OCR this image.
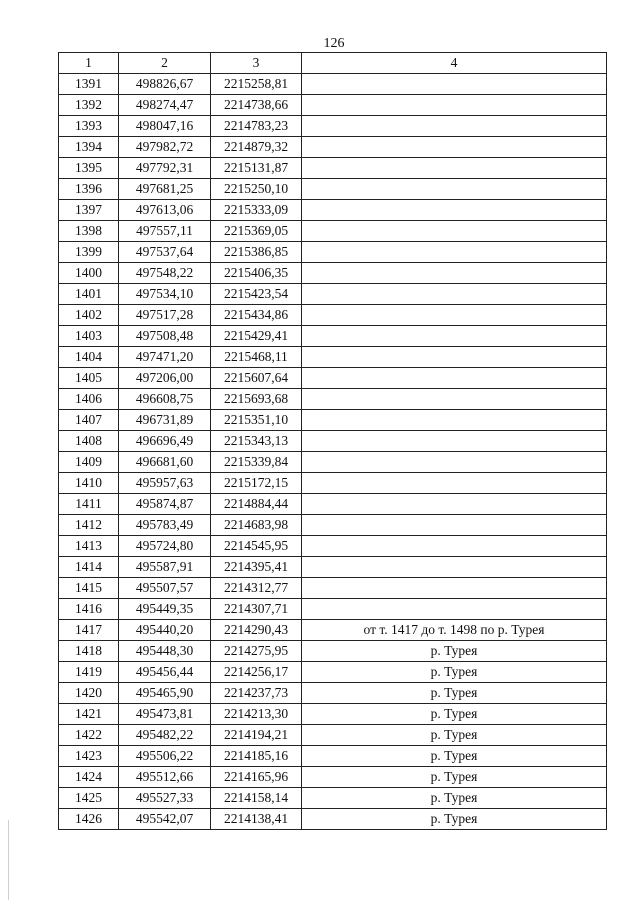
126
1	2	3	4
1391	498826,67	2215258,81	
1392	498274,47	2214738,66	
1393	498047,16	2214783,23	
1394	497982,72	2214879,32	
1395	497792,31	2215131,87	
1396	497681,25	2215250,10	
1397	497613,06	2215333,09	
1398	497557,11	2215369,05	
1399	497537,64	2215386,85	
1400	497548,22	2215406,35	
1401	497534,10	2215423,54	
1402	497517,28	2215434,86	
1403	497508,48	2215429,41	
1404	497471,20	2215468,11	
1405	497206,00	2215607,64	
1406	496608,75	2215693,68	
1407	496731,89	2215351,10	
1408	496696,49	2215343,13	
1409	496681,60	2215339,84	
1410	495957,63	2215172,15	
1411	495874,87	2214884,44	
1412	495783,49	2214683,98	
1413	495724,80	2214545,95	
1414	495587,91	2214395,41	
1415	495507,57	2214312,77	
1416	495449,35	2214307,71	
1417	495440,20	2214290,43	от т. 1417 до т. 1498 по р. Турея
1418	495448,30	2214275,95	р. Турея
1419	495456,44	2214256,17	р. Турея
1420	495465,90	2214237,73	р. Турея
1421	495473,81	2214213,30	р. Турея
1422	495482,22	2214194,21	р. Турея
1423	495506,22	2214185,16	р. Турея
1424	495512,66	2214165,96	р. Турея
1425	495527,33	2214158,14	р. Турея
1426	495542,07	2214138,41	р. Турея
